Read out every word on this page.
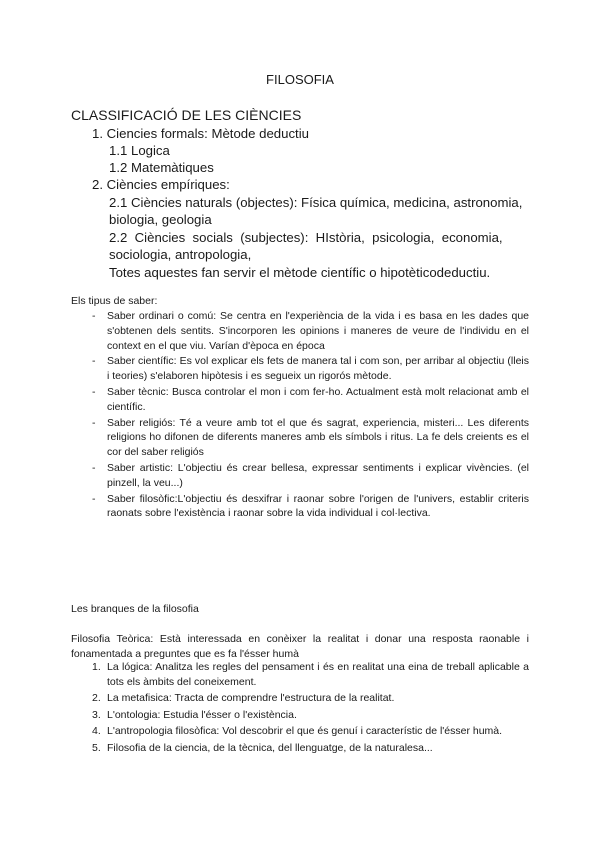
FILOSOFIA
CLASSIFICACIÓ DE LES CIÈNCIES
1. Ciencies formals: Mètode deductiu
1.1 Logica
1.2 Matemàtiques
2. Ciències empíriques:
2.1 Ciències naturals (objectes): Física química, medicina, astronomia,
biologia, geologia
2.2  Ciències  socials  (subjectes):  HIstòria,  psicologia,  economia,
sociologia, antropologia,
Totes aquestes fan servir el mètode científic o hipotèticodeductiu.
Els tipus de saber:
- Saber ordinari o comú: Se centra en l'experiència de la vida i es basa en les dades que s'obtenen dels sentits. S'incorporen les opinions i maneres de veure de l'individu en el context en el que viu. Varían d'època en época
- Saber científic: Es vol explicar els fets de manera tal i com son, per arribar al objectiu (lleis i teories) s'elaboren hipòtesis i es segueix un rigorós mètode.
- Saber tècnic: Busca controlar el mon i com fer-ho. Actualment està molt relacionat amb el científic.
- Saber religiós: Té a veure amb tot el que és sagrat, experiencia, misteri... Les diferents religions ho difonen de diferents maneres amb els símbols i ritus. La fe dels creients es el cor del saber religiós
- Saber artistic: L'objectiu és crear bellesa, expressar sentiments i explicar vivències. (el pinzell, la veu...)
- Saber filosòfic:L'objectiu és desxifrar i raonar sobre l'origen de l'univers, establir criteris raonats sobre l'existència i raonar sobre la vida individual i col·lectiva.
Les branques de la filosofia
Filosofia Teòrica: Està interessada en conèixer la realitat i donar una resposta raonable i fonamentada a preguntes que es fa l'ésser humà
1. La lógica: Analitza les regles del pensament i és en realitat una eina de treball aplicable a tots els àmbits del coneixement.
2. La metafisica: Tracta de comprendre l'estructura de la realitat.
3. L'ontologia: Estudia l'ésser o l'existència.
4. L'antropologia filosòfica: Vol descobrir el que és genuí i característic de l'ésser humà.
5. Filosofia de la ciencia, de la tècnica, del llenguatge, de la naturalesa...
